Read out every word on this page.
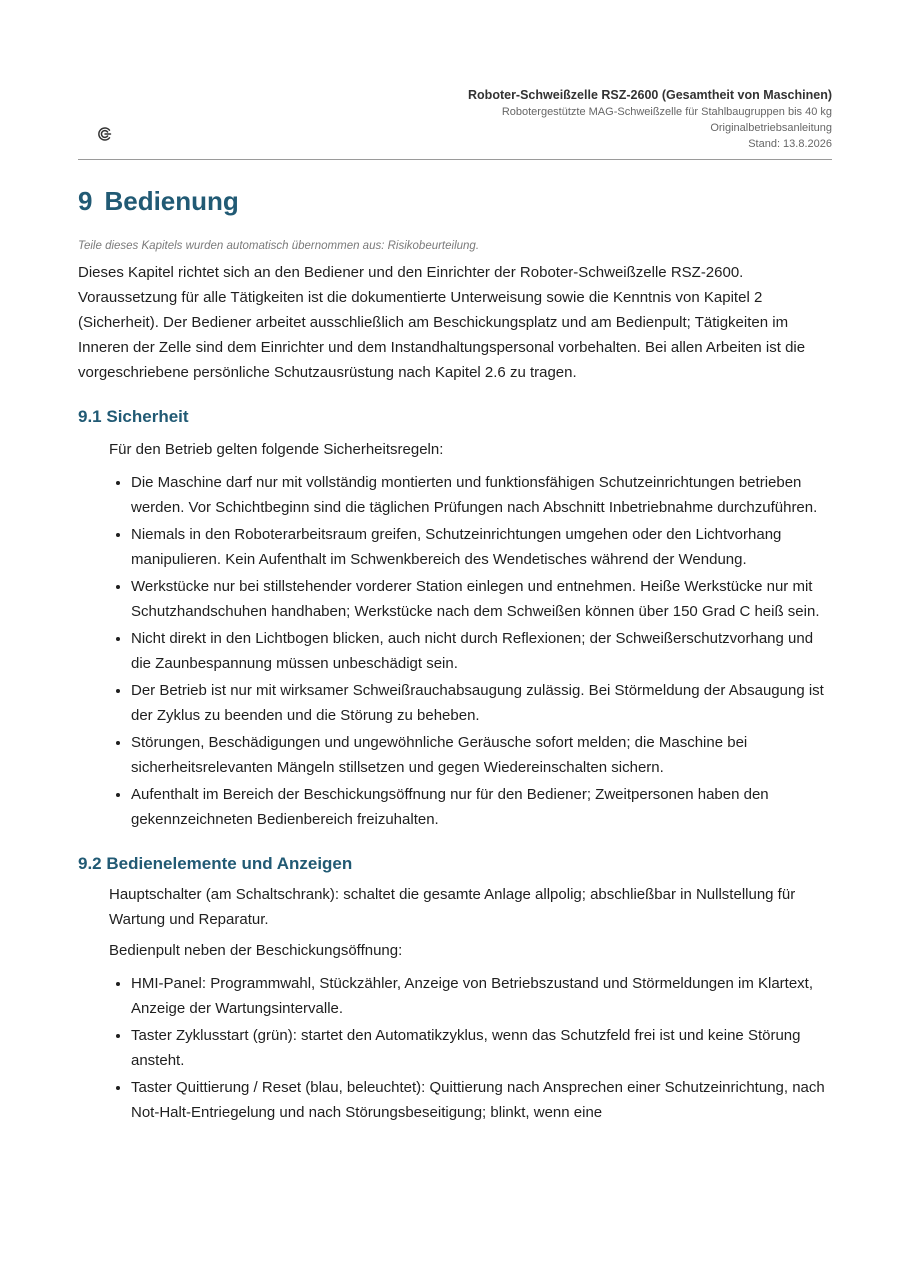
Roboter-Schweißzelle RSZ-2600 (Gesamtheit von Maschinen)
Robotergestützte MAG-Schweißzelle für Stahlbaugruppen bis 40 kg
Originalbetriebsanleitung
Stand: 13.8.2026
9 Bedienung

Teile dieses Kapitels wurden automatisch übernommen aus: Risikobeurteilung.

Dieses Kapitel richtet sich an den Bediener und den Einrichter der Roboter-Schweißzelle RSZ-2600. Voraussetzung für alle Tätigkeiten ist die dokumentierte Unterweisung sowie die Kenntnis von Kapitel 2 (Sicherheit). Der Bediener arbeitet ausschließlich am Beschickungsplatz und am Bedienpult; Tätigkeiten im Inneren der Zelle sind dem Einrichter und dem Instandhaltungspersonal vorbehalten. Bei allen Arbeiten ist die vorgeschriebene persönliche Schutzausrüstung nach Kapitel 2.6 zu tragen.

9.1 Sicherheit

Für den Betrieb gelten folgende Sicherheitsregeln:

• Die Maschine darf nur mit vollständig montierten und funktionsfähigen Schutzeinrichtungen betrieben werden. Vor Schichtbeginn sind die täglichen Prüfungen nach Abschnitt Inbetriebnahme durchzuführen.
• Niemals in den Roboterarbeitsraum greifen, Schutzeinrichtungen umgehen oder den Lichtvorhang manipulieren. Kein Aufenthalt im Schwenkbereich des Wendetisches während der Wendung.
• Werkstücke nur bei stillstehender vorderer Station einlegen und entnehmen. Heiße Werkstücke nur mit Schutzhandschuhen handhaben; Werkstücke nach dem Schweißen können über 150 Grad C heiß sein.
• Nicht direkt in den Lichtbogen blicken, auch nicht durch Reflexionen; der Schweißerschutzvorhang und die Zaunbespannung müssen unbeschädigt sein.
• Der Betrieb ist nur mit wirksamer Schweißrauchabsaugung zulässig. Bei Störmeldung der Absaugung ist der Zyklus zu beenden und die Störung zu beheben.
• Störungen, Beschädigungen und ungewöhnliche Geräusche sofort melden; die Maschine bei sicherheitsrelevanten Mängeln stillsetzen und gegen Wiedereinschalten sichern.
• Aufenthalt im Bereich der Beschickungsöffnung nur für den Bediener; Zweitpersonen haben den gekennzeichneten Bedienbereich freizuhalten.
9.2 Bedienelemente und Anzeigen

Hauptschalter (am Schaltschrank): schaltet die gesamte Anlage allpolig; abschließbar in Nullstellung für Wartung und Reparatur.

Bedienpult neben der Beschickungsöffnung:

• HMI-Panel: Programmwahl, Stückzähler, Anzeige von Betriebszustand und Störmeldungen im Klartext, Anzeige der Wartungsintervalle.
• Taster Zyklusstart (grün): startet den Automatikzyklus, wenn das Schutzfeld frei ist und keine Störung ansteht.
• Taster Quittierung / Reset (blau, beleuchtet): Quittierung nach Ansprechen einer Schutzeinrichtung, nach Not-Halt-Entriegelung und nach Störungsbeseitigung; blinkt, wenn eine
